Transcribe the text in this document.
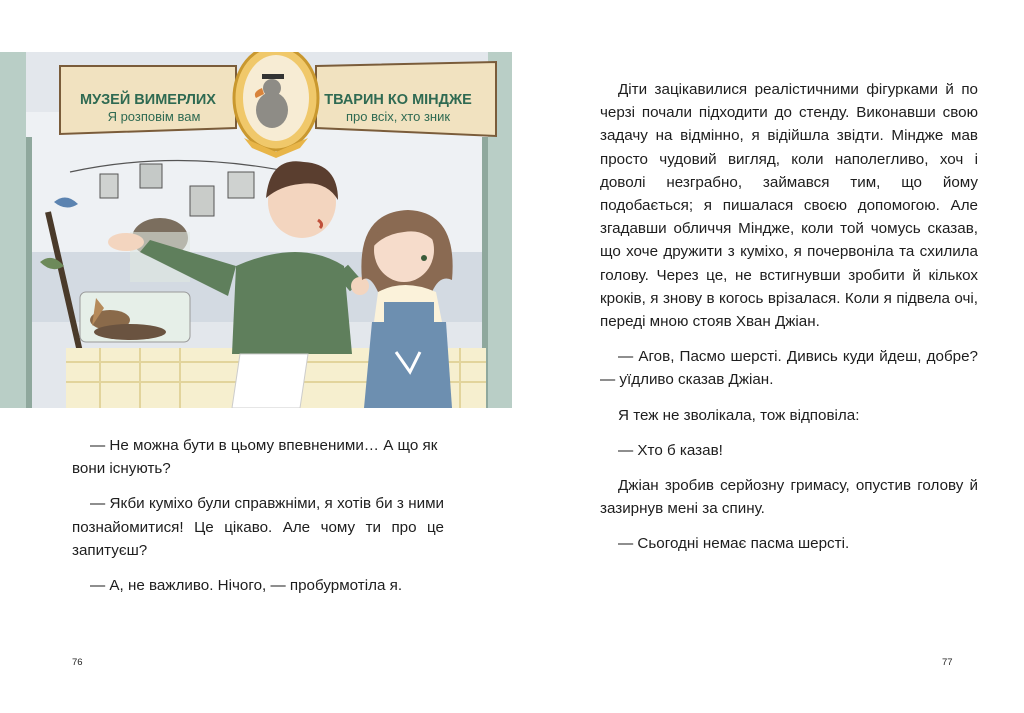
МУЗЕЙ ВИМЕРЛИХ
Я розповім вам
ТВАРИН КО МІНДЖЕ
про всіх, хто зник

— Не можна бути в цьому впевненими… А що як вони існують?

— Якби куміхо були справжніми, я хотів би з ними познайомитися! Це цікаво. Але чому ти про це запитуєш?

— А, не важливо. Нічого, — пробурмотіла я.

76

Діти зацікавилися реалістичними фігурками й по черзі почали підходити до стенду. Виконавши свою задачу на відмінно, я відійшла звідти. Міндже мав просто чудовий вигляд, коли наполегливо, хоч і доволі незграбно, займався тим, що йому подобається; я пишалася своєю допомогою. Але згадавши обличчя Міндже, коли той чомусь сказав, що хоче дружити з куміхо, я почервоніла та схилила голову. Через це, не встигнувши зробити й кількох кроків, я знову в когось врізалася. Коли я підвела очі, переді мною стояв Хван Джіан.

— Агов, Пасмо шерсті. Дивись куди йдеш, добре? — уїдливо сказав Джіан.

Я теж не зволікала, тож відповіла:

— Хто б казав!

Джіан зробив серйозну гримасу, опустив голову й зазирнув мені за спину.

— Сьогодні немає пасма шерсті.

77
